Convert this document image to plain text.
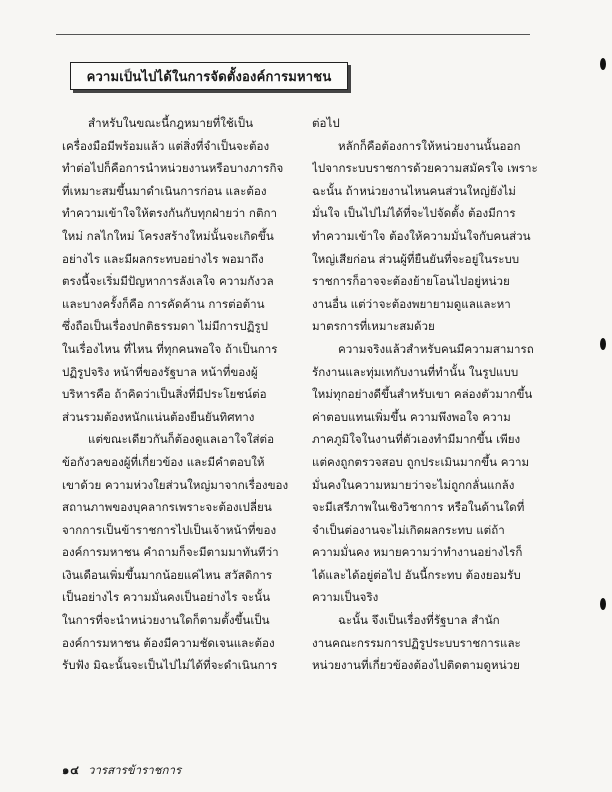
ความเป็นไปได้ในการจัดตั้งองค์การมหาชน
สำหรับในขณะนี้กฎหมายที่ใช้เป็น
เครื่องมือมีพร้อมแล้ว แต่สิ่งที่จำเป็นจะต้อง
ทำต่อไปก็คือการนำหน่วยงานหรือบางภารกิจ
ที่เหมาะสมขึ้นมาดำเนินการก่อน และต้อง
ทำความเข้าใจให้ตรงกันกับทุกฝ่ายว่า กติกา
ใหม่ กลไกใหม่ โครงสร้างใหม่นั้นจะเกิดขึ้น
อย่างไร และมีผลกระทบอย่างไร พอมาถึง
ตรงนี้จะเริ่มมีปัญหาการลังเลใจ ความกังวล
และบางครั้งก็คือ การคัดค้าน การต่อต้าน
ซึ่งถือเป็นเรื่องปกติธรรมดา ไม่มีการปฏิรูป
ในเรื่องไหน ที่ไหน ที่ทุกคนพอใจ ถ้าเป็นการ
ปฏิรูปจริง หน้าที่ของรัฐบาล หน้าที่ของผู้
บริหารคือ ถ้าคิดว่าเป็นสิ่งที่มีประโยชน์ต่อ
ส่วนรวมต้องหนักแน่นต้องยืนยันทิศทาง
แต่ขณะเดียวกันก็ต้องดูแลเอาใจใส่ต่อ
ข้อกังวลของผู้ที่เกี่ยวข้อง และมีคำตอบให้
เขาด้วย ความห่วงใยส่วนใหญ่มาจากเรื่องของ
สถานภาพของบุคลากรเพราะจะต้องเปลี่ยน
จากการเป็นข้าราชการไปเป็นเจ้าหน้าที่ของ
องค์การมหาชน คำถามก็จะมีตามมาทันทีว่า
เงินเดือนเพิ่มขึ้นมากน้อยแค่ไหน สวัสดิการ
เป็นอย่างไร ความมั่นคงเป็นอย่างไร จะนั้น
ในการที่จะนำหน่วยงานใดก็ตามตั้งขึ้นเป็น
องค์การมหาชน ต้องมีความชัดเจนและต้อง
รับฟัง มิฉะนั้นจะเป็นไปไม่ได้ที่จะดำเนินการ
ต่อไป
หลักก็คือต้องการให้หน่วยงานนั้นออก
ไปจากระบบราชการด้วยความสมัครใจ เพราะ
ฉะนั้น ถ้าหน่วยงานไหนคนส่วนใหญ่ยังไม่
มั่นใจ เป็นไปไม่ได้ที่จะไปจัดตั้ง ต้องมีการ
ทำความเข้าใจ ต้องให้ความมั่นใจกับคนส่วน
ใหญ่เสียก่อน ส่วนผู้ที่ยืนยันที่จะอยู่ในระบบ
ราชการก็อาจจะต้องย้ายโอนไปอยู่หน่วย
งานอื่น แต่ว่าจะต้องพยายามดูแลและหา
มาตรการที่เหมาะสมด้วย
ความจริงแล้วสำหรับคนมีความสามารถ
รักงานและทุ่มเทกับงานที่ทำนั้น ในรูปแบบ
ใหม่ทุกอย่างดีขึ้นสำหรับเขา คล่องตัวมากขึ้น
ค่าตอบแทนเพิ่มขึ้น ความพึงพอใจ ความ
ภาคภูมิใจในงานที่ตัวเองทำมีมากขึ้น เพียง
แต่คงถูกตรวจสอบ ถูกประเมินมากขึ้น ความ
มั่นคงในความหมายว่าจะไม่ถูกกลั่นแกล้ง
จะมีเสรีภาพในเชิงวิชาการ หรือในด้านใดที่
จำเป็นต่องานจะไม่เกิดผลกระทบ แต่ถ้า
ความมั่นคง หมายความว่าทำงานอย่างไรก็
ได้และได้อยู่ต่อไป อันนี้กระทบ ต้องยอมรับ
ความเป็นจริง
ฉะนั้น จึงเป็นเรื่องที่รัฐบาล สำนัก
งานคณะกรรมการปฏิรูประบบราชการและ
หน่วยงานที่เกี่ยวข้องต้องไปติดตามดูหน่วย
๑๔ วารสารข้าราชการ
